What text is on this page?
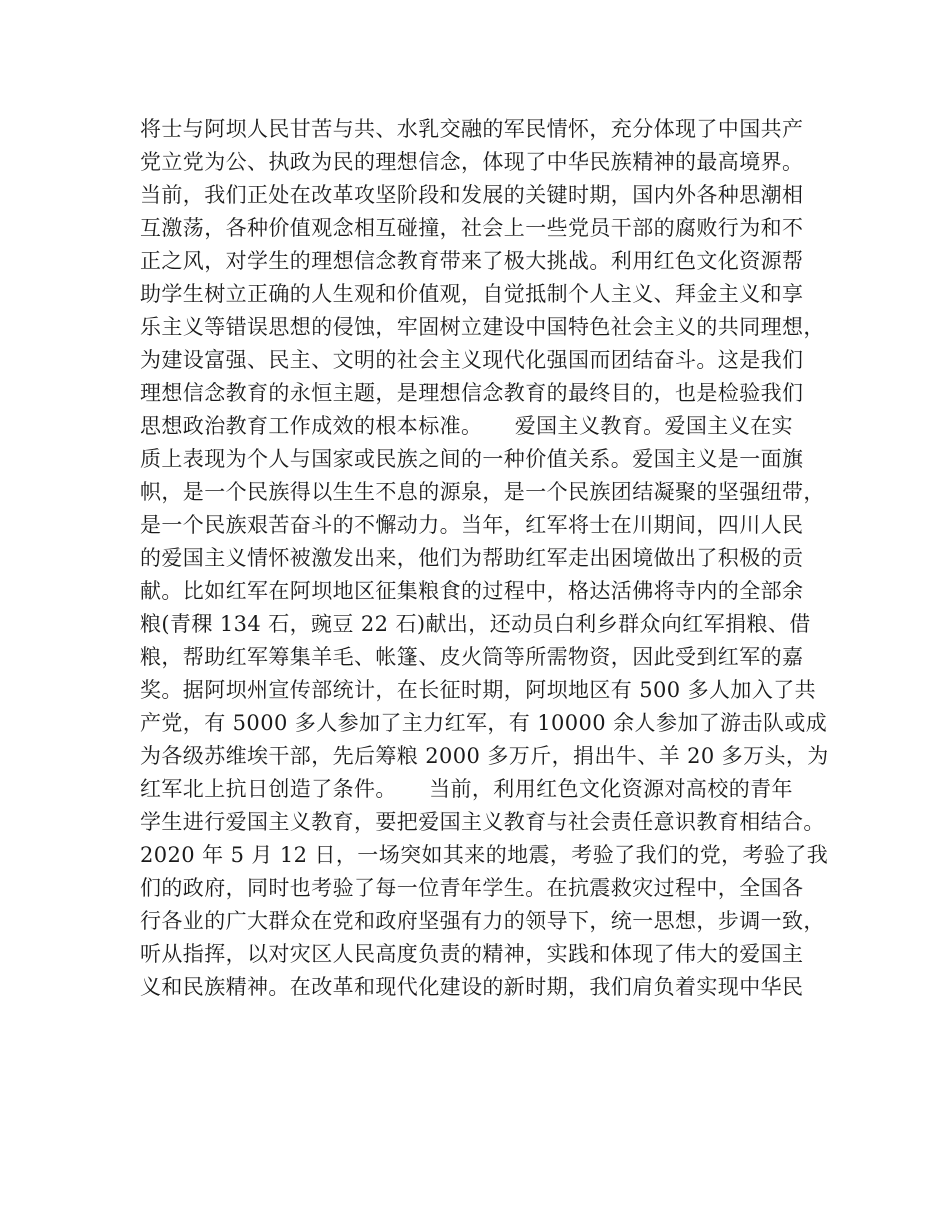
将士与阿坝人民甘苦与共、水乳交融的军民情怀，充分体现了中国共产
党立党为公、执政为民的理想信念，体现了中华民族精神的最高境界。
当前，我们正处在改革攻坚阶段和发展的关键时期，国内外各种思潮相
互激荡，各种价值观念相互碰撞，社会上一些党员干部的腐败行为和不
正之风，对学生的理想信念教育带来了极大挑战。利用红色文化资源帮
助学生树立正确的人生观和价值观，自觉抵制个人主义、拜金主义和享
乐主义等错误思想的侵蚀，牢固树立建设中国特色社会主义的共同理想，
为建设富强、民主、文明的社会主义现代化强国而团结奋斗。这是我们
理想信念教育的永恒主题，是理想信念教育的最终目的，也是检验我们
思想政治教育工作成效的根本标准。　　爱国主义教育。爱国主义在实
质上表现为个人与国家或民族之间的一种价值关系。爱国主义是一面旗
帜，是一个民族得以生生不息的源泉，是一个民族团结凝聚的坚强纽带，
是一个民族艰苦奋斗的不懈动力。当年，红军将士在川期间，四川人民
的爱国主义情怀被激发出来，他们为帮助红军走出困境做出了积极的贡
献。比如红军在阿坝地区征集粮食的过程中，格达活佛将寺内的全部余
粮(青稞 134 石，豌豆 22 石)献出，还动员白利乡群众向红军捐粮、借
粮，帮助红军筹集羊毛、帐篷、皮火筒等所需物资，因此受到红军的嘉
奖。据阿坝州宣传部统计，在长征时期，阿坝地区有 500 多人加入了共
产党，有 5000 多人参加了主力红军，有 10000 余人参加了游击队或成
为各级苏维埃干部，先后筹粮 2000 多万斤，捐出牛、羊 20 多万头，为
红军北上抗日创造了条件。　　当前，利用红色文化资源对高校的青年
学生进行爱国主义教育，要把爱国主义教育与社会责任意识教育相结合。
2020 年 5 月 12 日，一场突如其来的地震，考验了我们的党，考验了我
们的政府，同时也考验了每一位青年学生。在抗震救灾过程中，全国各
行各业的广大群众在党和政府坚强有力的领导下，统一思想，步调一致，
听从指挥，以对灾区人民高度负责的精神，实践和体现了伟大的爱国主
义和民族精神。在改革和现代化建设的新时期，我们肩负着实现中华民
